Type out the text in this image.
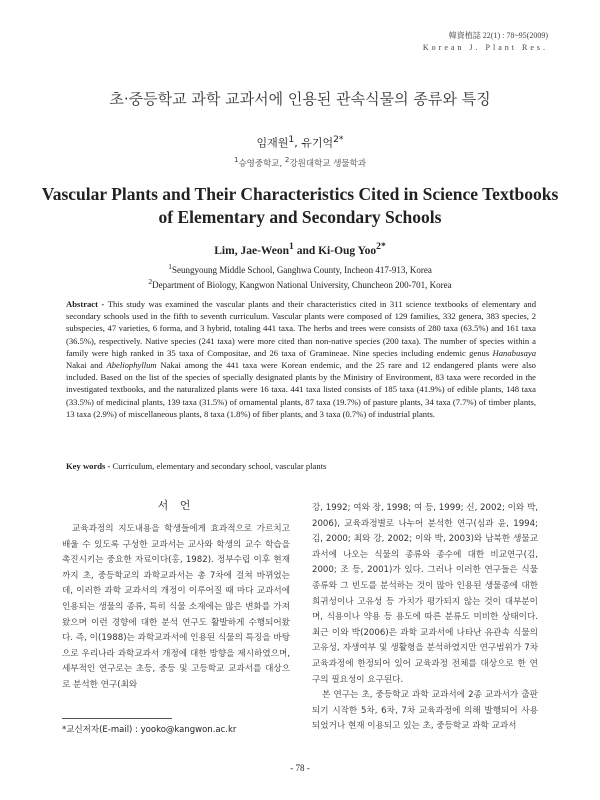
韓資植誌 22(1) : 78~95(2009)
Korean J. Plant Res.
초·중등학교 과학 교과서에 인용된 관속식물의 종류와 특징
임재원$^1$, 유기억$^{2*}$
$^1$승영중학교, $^2$강원대학교 생물학과
Vascular Plants and Their Characteristics Cited in Science Textbooks of Elementary and Secondary Schools
Lim, Jae-Weon$^1$ and Ki-Oug Yoo$^{2*}$
$^1$Seungyoung Middle School, Ganghwa County, Incheon 417-913, Korea
$^2$Department of Biology, Kangwon National University, Chuncheon 200-701, Korea
Abstract - This study was examined the vascular plants and their characteristics cited in 311 science textbooks of elementary and secondary schools used in the fifth to seventh curriculum. Vascular plants were composed of 129 families, 332 genera, 383 species, 2 subspecies, 47 varieties, 6 forma, and 3 hybrid, totaling 441 taxa. The herbs and trees were consists of 280 taxa (63.5%) and 161 taxa (36.5%), respectively. Native species (241 taxa) were more cited than non-native species (200 taxa). The number of species within a family were high ranked in 35 taxa of Compositae, and 26 taxa of Gramineae. Nine species including endemic genus Hanabusaya Nakai and Abeliophyllum Nakai among the 441 taxa were Korean endemic, and the 25 rare and 12 endangered plants were also included. Based on the list of the species of specially designated plants by the Ministry of Environment, 83 taxa were recorded in the investigated textbooks, and the naturalized plants were 16 taxa. 441 taxa listed consists of 185 taxa (41.9%) of edible plants, 148 taxa (33.5%) of medicinal plants, 139 taxa (31.5%) of ornamental plants, 87 taxa (19.7%) of pasture plants, 34 taxa (7.7%) of timber plants, 13 taxa (2.9%) of miscellaneous plants, 8 taxa (1.8%) of fiber plants, and 3 taxa (0.7%) of industrial plants.
Key words - Curriculum, elementary and secondary school, vascular plants
서 언

교육과정의 지도내용을 학생들에게 효과적으로 가르치고 배울 수 있도록 구성한 교과서는 교사와 학생의 교수 학습을 촉진시키는 중요한 자료이다(홍, 1982). 정부수립 이후 현재까지 초, 중등학교의 과학교과서는 총 7차에 걸쳐 바뀌었는데, 이러한 과학 교과서의 개정이 이루어질 때 마다 교과서에 인용되는 생물의 종류, 특히 식물 소재에는 많은 변화를 가져왔으며 이런 경향에 대한 분석 연구도 활발하게 수행되어왔다. 즉, 이(1988)는 과학교과서에 인용된 식물의 특징을 바탕으로 우리나라 과학교과서 개정에 대한 방향을 제시하였으며, 세부적인 연구로는 초등, 중등 및 고등학교 교과서를 대상으로 분석한 연구(최와

강, 1992; 여와 장, 1998; 여 등, 1999; 신, 2002; 이와 박, 2006), 교육과정별로 나누어 분석한 연구(심과 윤, 1994; 김, 2000; 최와 강, 2002; 이와 박, 2003)와 남북한 생물교과서에 나오는 식물의 종류와 종수에 대한 비교연구(김, 2000; 조 등, 2001)가 있다. 그러나 이러한 연구들은 식물 종류와 그 빈도를 분석하는 것이 많아 인용된 생물종에 대한 희귀성이나 고유성 등 가치가 평가되지 않는 것이 대부분이며, 식용이나 약용 등 용도에 따른 분류도 미비한 상태이다. 최근 이와 박(2006)은 과학 교과서에 나타난 유관속 식물의 고유성, 자생여부 및 생활형을 분석하였지만 연구범위가 7차 교육과정에 한정되어 있어 교육과정 전체를 대상으로 한 연구의 필요성이 요구된다.

본 연구는 초, 중등학교 과학 교과서에 2종 교과서가 출판되기 시작한 5차, 6차, 7차 교육과정에 의해 발행되어 사용되었거나 현재 이용되고 있는 초, 중등학교 과학 교과서

*교신저자(E-mail) : yooko@kangwon.ac.kr
- 78 -
